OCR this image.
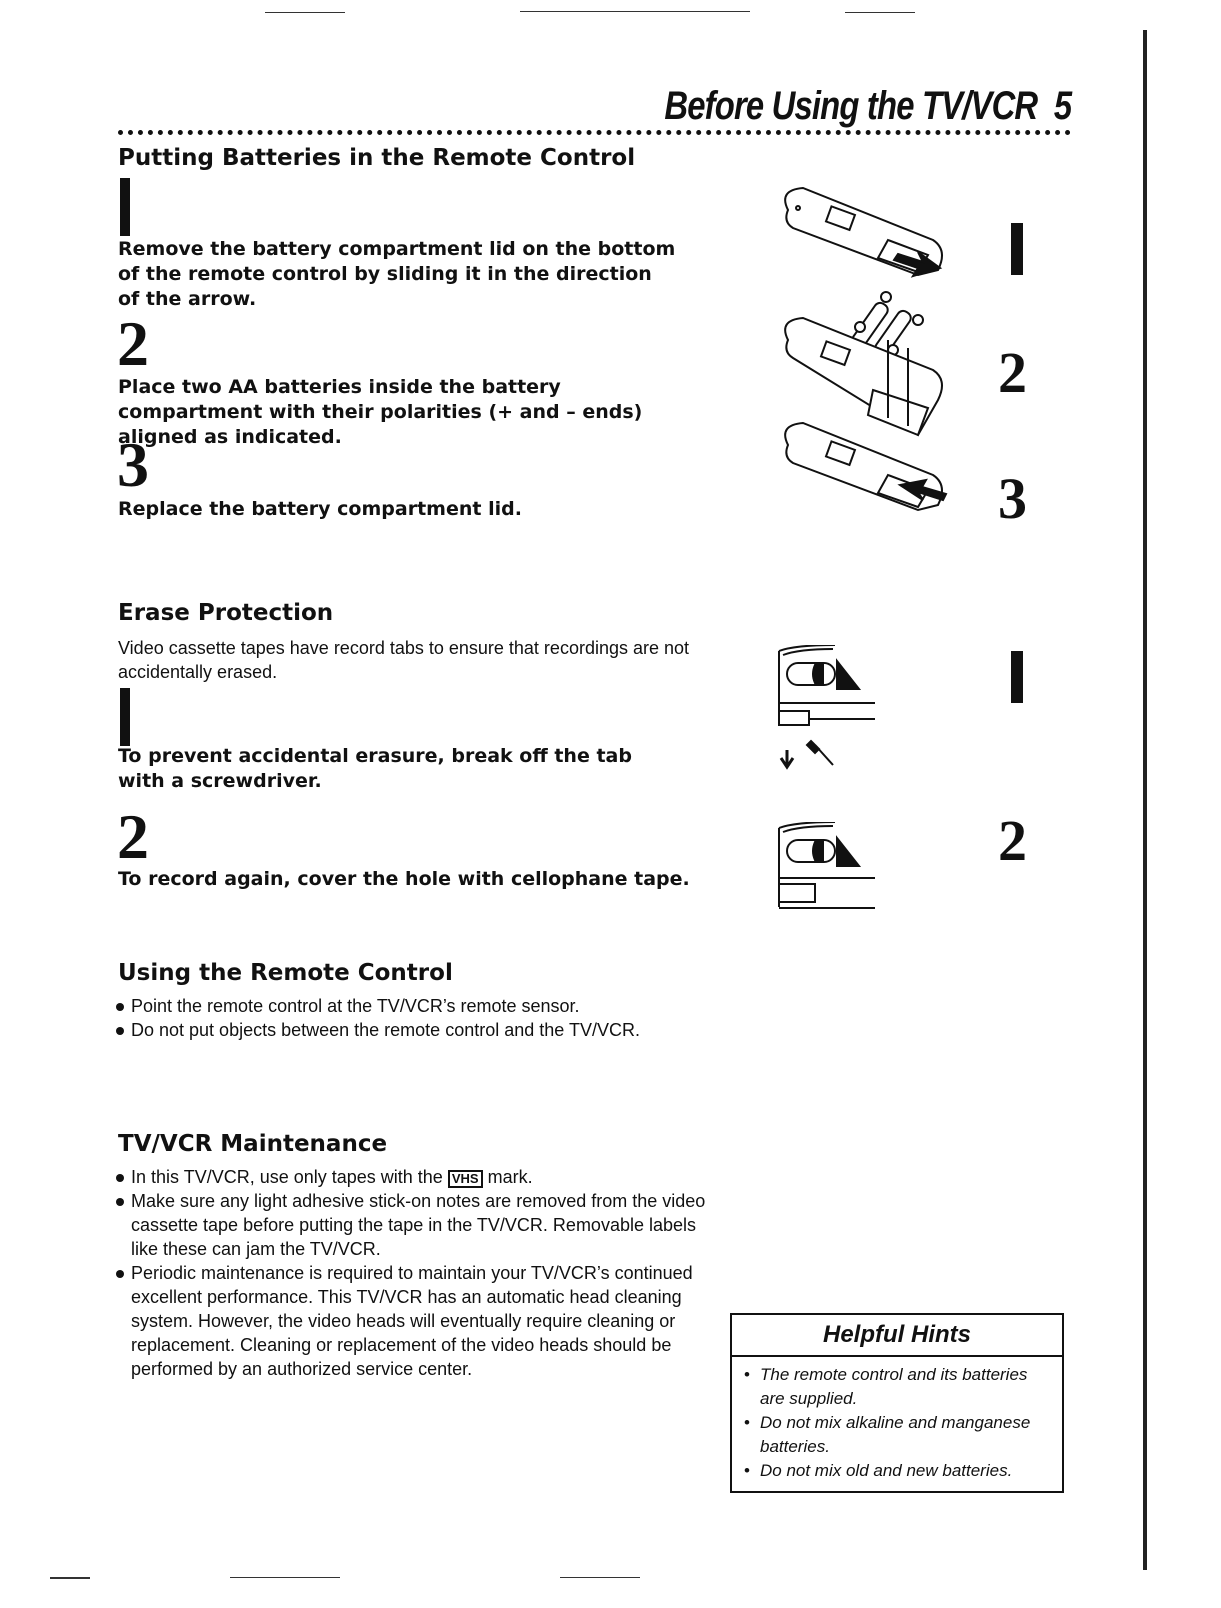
Before Using the TV/VCR 5
Putting Batteries in the Remote Control
Remove the battery compartment lid on the bottom of the remote control by sliding it in the direction of the arrow.
2
Place two AA batteries inside the battery compartment with their polarities (+ and – ends) aligned as indicated.
3
Replace the battery compartment lid.
2
3
Erase Protection
Video cassette tapes have record tabs to ensure that recordings are not accidentally erased.
To prevent accidental erasure, break off the tab with a screwdriver.
2
To record again, cover the hole with cellophane tape.
2
Using the Remote Control
Point the remote control at the TV/VCR’s remote sensor.
Do not put objects between the remote control and the TV/VCR.
TV/VCR Maintenance
In this TV/VCR, use only tapes with the VHS mark.
Make sure any light adhesive stick-on notes are removed from the video cassette tape before putting the tape in the TV/VCR. Removable labels like these can jam the TV/VCR.
Periodic maintenance is required to maintain your TV/VCR’s continued excellent performance. This TV/VCR has an automatic head cleaning system. However, the video heads will eventually require cleaning or replacement. Cleaning or replacement of the video heads should be performed by an authorized service center.
Helpful Hints
• The remote control and its batteries are supplied.
• Do not mix alkaline and manganese batteries.
• Do not mix old and new batteries.
